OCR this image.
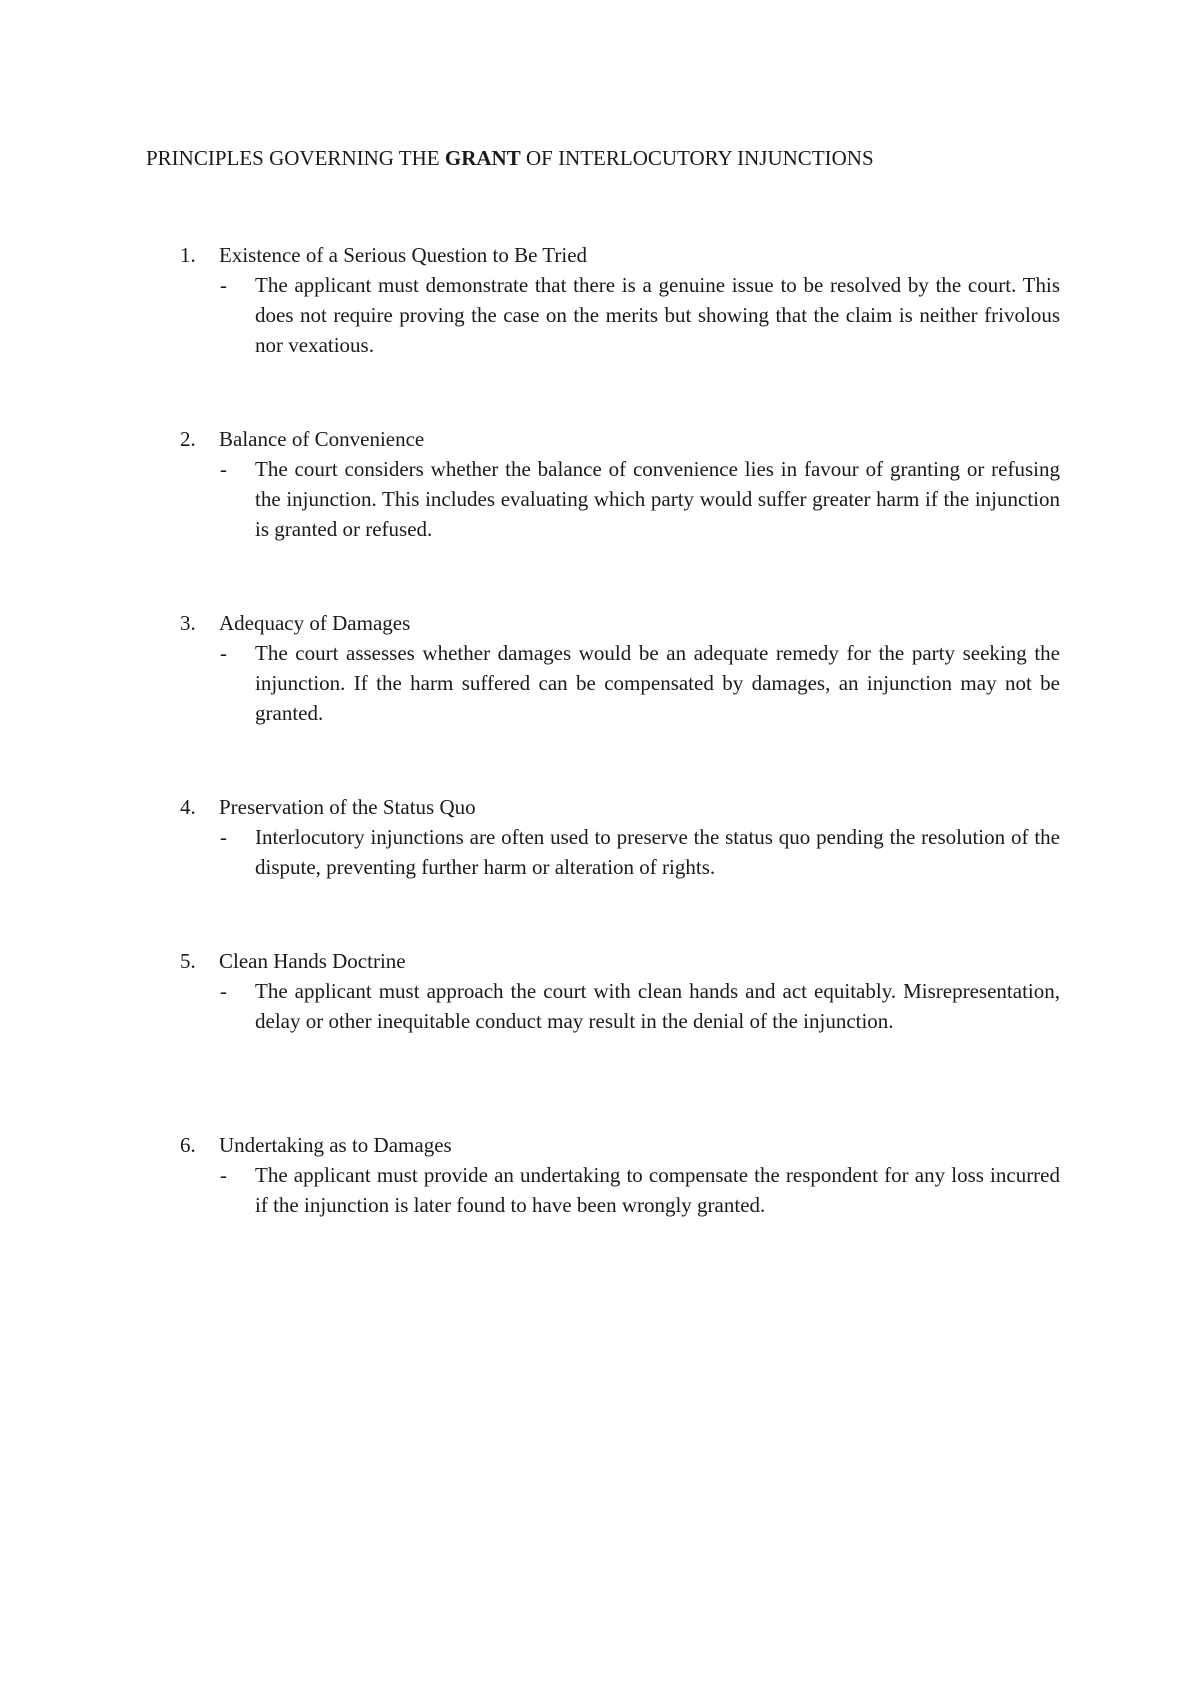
PRINCIPLES GOVERNING THE GRANT OF INTERLOCUTORY INJUNCTIONS
1. Existence of a Serious Question to Be Tried
- The applicant must demonstrate that there is a genuine issue to be resolved by the court. This does not require proving the case on the merits but showing that the claim is neither frivolous nor vexatious.
2. Balance of Convenience
- The court considers whether the balance of convenience lies in favour of granting or refusing the injunction. This includes evaluating which party would suffer greater harm if the injunction is granted or refused.
3. Adequacy of Damages
- The court assesses whether damages would be an adequate remedy for the party seeking the injunction. If the harm suffered can be compensated by damages, an injunction may not be granted.
4. Preservation of the Status Quo
- Interlocutory injunctions are often used to preserve the status quo pending the resolution of the dispute, preventing further harm or alteration of rights.
5. Clean Hands Doctrine
- The applicant must approach the court with clean hands and act equitably. Misrepresentation, delay or other inequitable conduct may result in the denial of the injunction.
6. Undertaking as to Damages
- The applicant must provide an undertaking to compensate the respondent for any loss incurred if the injunction is later found to have been wrongly granted.
